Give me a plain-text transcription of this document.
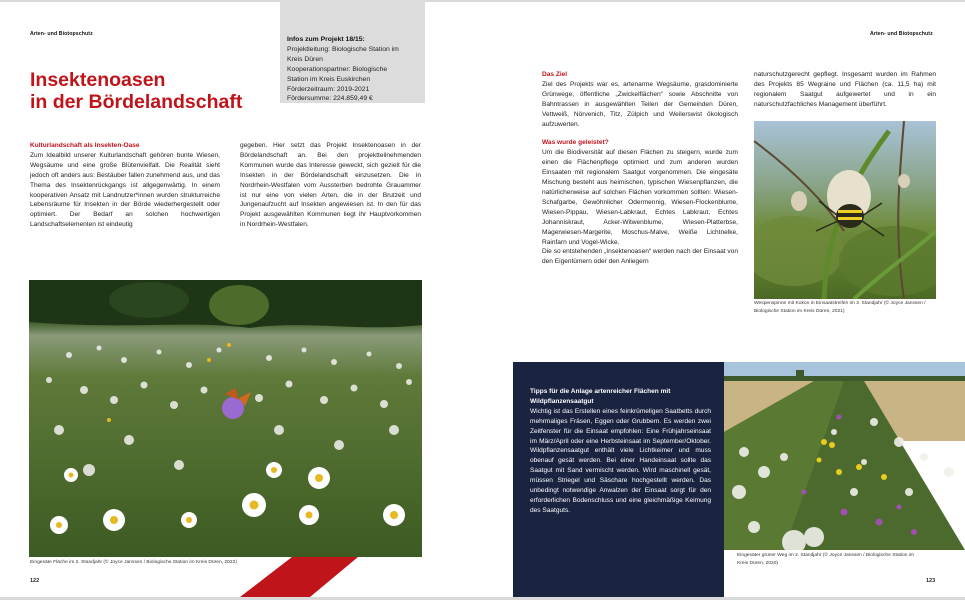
Arten- und Biotopschutz
Insektenoasen
in der Bördelandschaft
Infos zum Projekt 18/15:
Projektleitung: Biologische Station im
Kreis Düren
Kooperationspartner: Biologische
Station im Kreis Euskirchen
Förderzeitraum: 2019-2021
Fördersumme: 224.859,49 €
Kulturlandschaft als Insekten-Oase

Zum Idealbild unserer Kulturlandschaft gehören bunte Wiesen, Wegsäume und eine große Blütenvielfalt. Die Realität sieht jedoch oft anders aus: Bestäuber fallen zunehmend aus, und das Thema des Insektenrückgangs ist allgegenwärtig. In einem kooperativen Ansatz mit Landnutzer*innen wurden strukturreiche Lebensräume für Insekten in der Börde wiederhergestellt oder optimiert. Der Bedarf an solchen hochwertigen Landschaftselementen ist eindeutig

gegeben. Hier setzt das Projekt Insektenoasen in der Bördelandschaft an. Bei den projektteilnehmenden Kommunen wurde das Interesse geweckt, sich gezielt für die Insekten in der Bördelandschaft einzusetzen. Die in Nordrhein-Westfalen vom Aussterben bedrohte Grauammer ist nur eine von vielen Arten, die in der Brutzeit und Jungenaufzucht auf Insekten angewiesen ist. In den für das Projekt ausgewählten Kommunen liegt ihr Hauptvorkommen in Nordrhein-Westfalen.

Eingesäte Fläche im 2. Standjahr (© Joyce Janssen / Biologische Station im Kreis Düren, 2022)
122
Arten- und Biotopschutz
Das Ziel

Ziel des Projekts war es, artenarme Wegsäume, grasdominierte Grünwege, öffentliche „Zwickelflächen“ sowie Abschnitte von Bahntrassen in ausgewählten Teilen der Gemeinden Düren, Vettweiß, Nörvenich, Titz, Zülpich und Weilerswist ökologisch aufzuwerten.

Was wurde geleistet?

Um die Biodiversität auf diesen Flächen zu steigern, wurde zum einen die Flächenpflege optimiert und zum anderen wurden Einsaaten mit regionalem Saatgut vorgenommen. Die eingesäte Mischung besteht aus heimischen, typischen Wiesenpflanzen, die natürlicherweise auf solchen Flächen vorkommen sollten: Wiesen-Schafgarbe, Gewöhnlicher Odermennig, Wiesen-Flockenblume, Wiesen-Pippau, Wiesen-Labkraut, Echtes Labkraut, Echtes Johanniskraut, Acker-Witwenblume, Wiesen-Platterbse, Magerwiesen-Margerite, Moschus-Malve, Weiße Lichtnelke, Rainfarn und Vogel-Wicke.

Die so entstehenden „Insektenoasen“ werden nach der Einsaat von den Eigentümern oder den Anliegern

naturschutzgerecht gepflegt. Insgesamt wurden im Rahmen des Projekts 85 Wegraine und Flächen (ca. 11,5 ha) mit regionalem Saatgut aufgewertet und in ein naturschutzfachliches Management überführt.

Wespenspinne mit Kokon in Einsaatstreifen im 3. Standjahr (© Joyce Janssen / Biologische Station im Kreis Düren, 2021)
Tipps für die Anlage artenreicher Flächen mit Wildpflanzensaatgut
Wichtig ist das Erstellen eines feinkrümeligen Saatbetts durch mehrmaliges Fräsen, Eggen oder Grubbern. Es werden zwei Zeitfenster für die Einsaat empfohlen: Eine Frühjahrseinsaat im März/April oder eine Herbsteinsaat im September/Oktober. Wildpflanzensaatgut enthält viele Lichtkeimer und muss obenauf gesät werden. Bei einer Handeinsaat sollte das Saatgut mit Sand vermischt werden. Wird maschinell gesät, müssen Striegel und Säschare hochgestellt werden. Das unbedingt notwendige Anwalzen der Einsaat sorgt für den erforderlichen Bodenschluss und eine gleichmäßige Keimung des Saatguts.
Eingesäter grüner Weg im 2. Standjahr (© Joyce Janssen / Biologische Station im Kreis Düren, 2020)
123
